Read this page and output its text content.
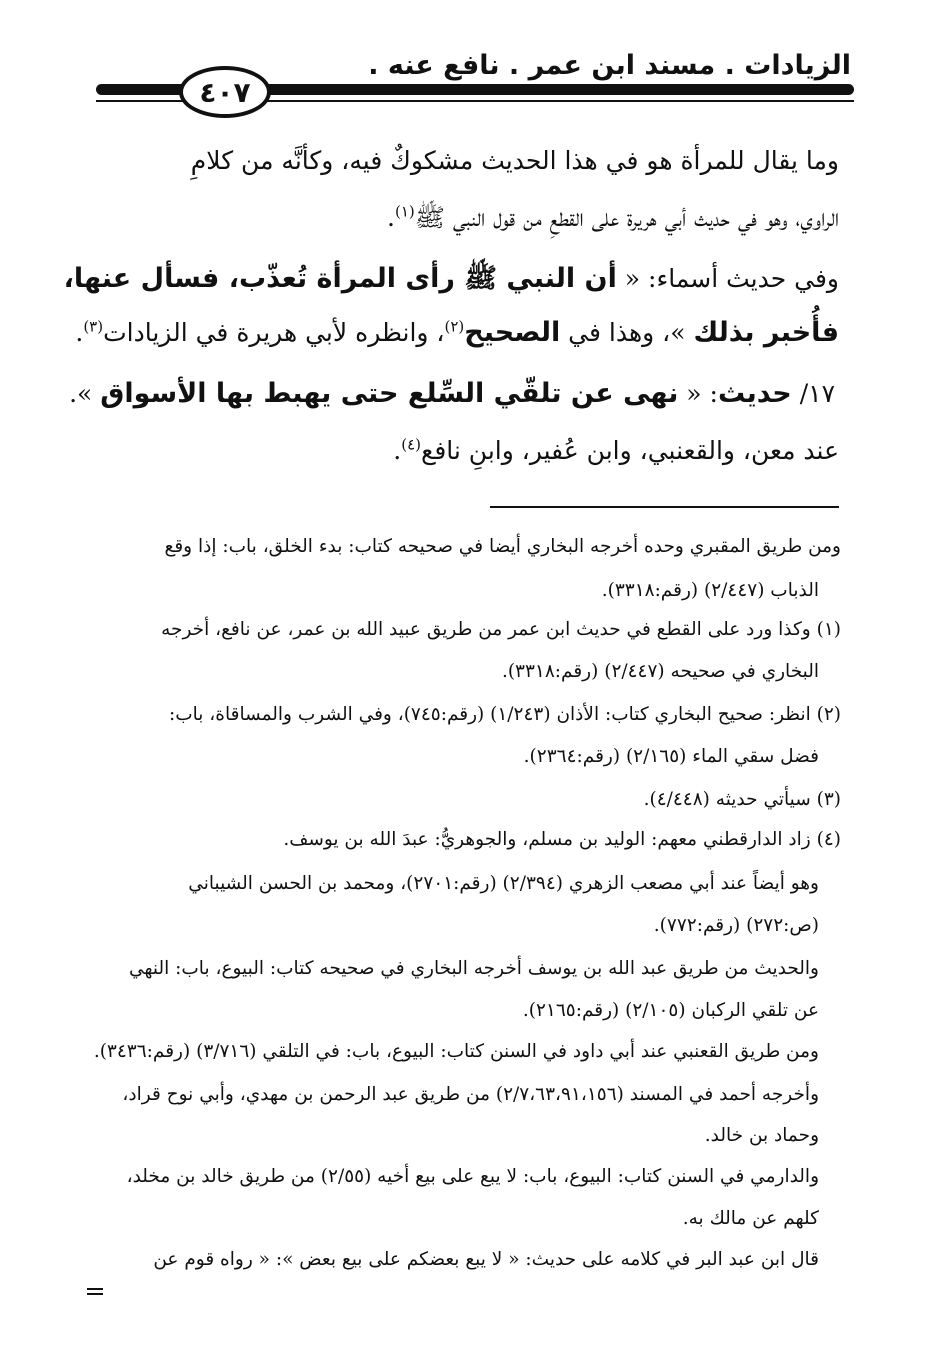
الزيادات . مسند ابن عمر . نافع عنه .
٤٠٧
وما يقال للمرأة هو في هذا الحديث مشكوكٌ فيه، وكأنَّه من كلامِ
الراوي، وهو في حديث أبي هريرة على القطعِ من قول النبي ﷺ$^{(١)}$.
وفي حديث أسماء: « أن النبي ﷺ رأى المرأة تُعذّب، فسأل عنها،
فأُخبر بذلك »، وهذا في الصحيح$^{(٢)}$، وانظره لأبي هريرة في الزيادات$^{(٣)}$.
١٧/ حديث: « نهى عن تلقّي السِّلع حتى يهبط بها الأسواق ».
عند معن، والقعنبي، وابن عُفير، وابنِ نافع$^{(٤)}$.
ومن طريق المقبري وحده أخرجه البخاري أيضا في صحيحه كتاب: بدء الخلق، باب: إذا وقع
الذباب (٢/٤٤٧) (رقم:٣٣١٨).
(١) وكذا ورد على القطع في حديث ابن عمر من طريق عبيد الله بن عمر، عن نافع، أخرجه
البخاري في صحيحه (٢/٤٤٧) (رقم:٣٣١٨).
(٢) انظر: صحيح البخاري كتاب: الأذان (١/٢٤٣) (رقم:٧٤٥)، وفي الشرب والمساقاة، باب:
فضل سقي الماء (٢/١٦٥) (رقم:٢٣٦٤).
(٣) سيأتي حديثه (٤/٤٤٨).
(٤) زاد الدارقطني معهم: الوليد بن مسلم، والجوهريُّ: عبدَ الله بن يوسف.
وهو أيضاً عند أبي مصعب الزهري (٢/٣٩٤) (رقم:٢٧٠١)، ومحمد بن الحسن الشيباني
(ص:٢٧٢) (رقم:٧٧٢).
والحديث من طريق عبد الله بن يوسف أخرجه البخاري في صحيحه كتاب: البيوع، باب: النهي
عن تلقي الركبان (٢/١٠٥) (رقم:٢١٦٥).
ومن طريق القعنبي عند أبي داود في السنن كتاب: البيوع، باب: في التلقي (٣/٧١٦) (رقم:٣٤٣٦).
وأخرجه أحمد في المسند (٢/٧،٦٣،٩١،١٥٦) من طريق عبد الرحمن بن مهدي، وأبي نوح قراد،
وحماد بن خالد.
والدارمي في السنن كتاب: البيوع، باب: لا يبع على بيع أخيه (٢/٥٥) من طريق خالد بن مخلد،
كلهم عن مالك به.
قال ابن عبد البر في كلامه على حديث: « لا يبع بعضكم على بيع بعض »: « رواه قوم عن
